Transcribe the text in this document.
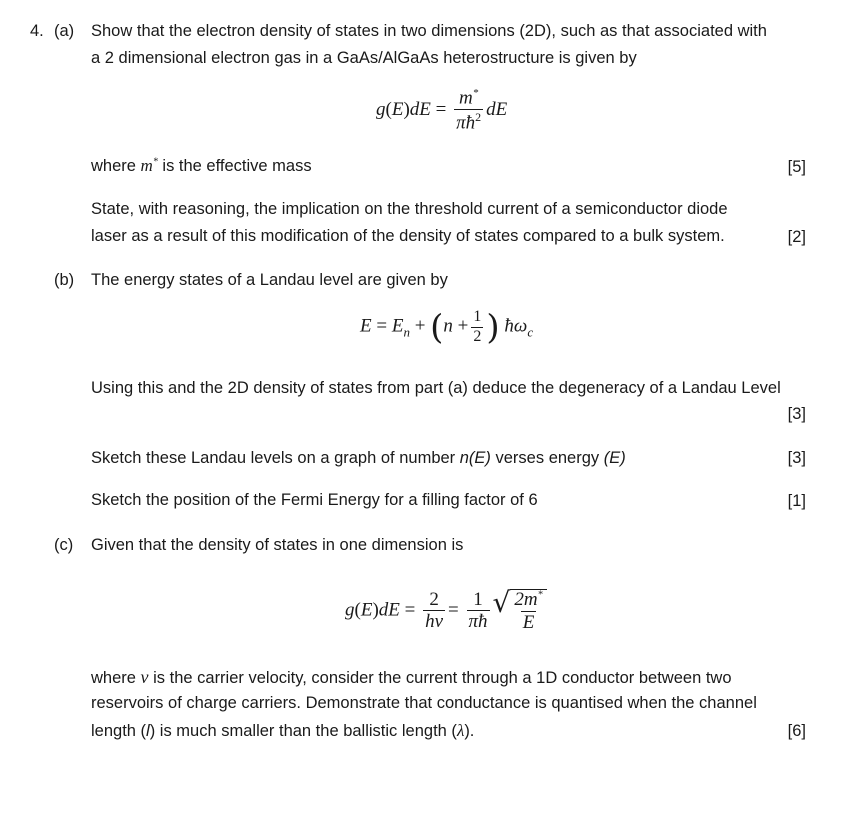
4. (a) Show that the electron density of states in two dimensions (2D), such as that associated with
a 2 dimensional electron gas in a GaAs/AlGaAs heterostructure is given by
$g(E)dE = \frac{m^*}{\pi ħ^2}$ dE
where m* is the effective mass	[5]
State, with reasoning, the implication on the threshold current of a semiconductor diode
laser as a result of this modification of the density of states compared to a bulk system.	[2]
(b) The energy states of a Landau level are given by
$E = E_n + (n + \frac{1}{2}$ ) $ħ\omega_c$
Using this and the 2D density of states from part (a) deduce the degeneracy of a Landau Level
[3]
Sketch these Landau levels on a graph of number n(E) verses energy (E)	[3]
Sketch the position of the Fermi Energy for a filling factor of 6	[1]
(c) Given that the density of states in one dimension is
$g(E)dE = \frac{2}{hv} = \frac{1}{\pi ħ}$ √ $\frac{2m^*}{E}$
where v is the carrier velocity, consider the current through a 1D conductor between two
reservoirs of charge carriers. Demonstrate that conductance is quantised when the channel
length (l) is much smaller than the ballistic length (λ).	[6]
